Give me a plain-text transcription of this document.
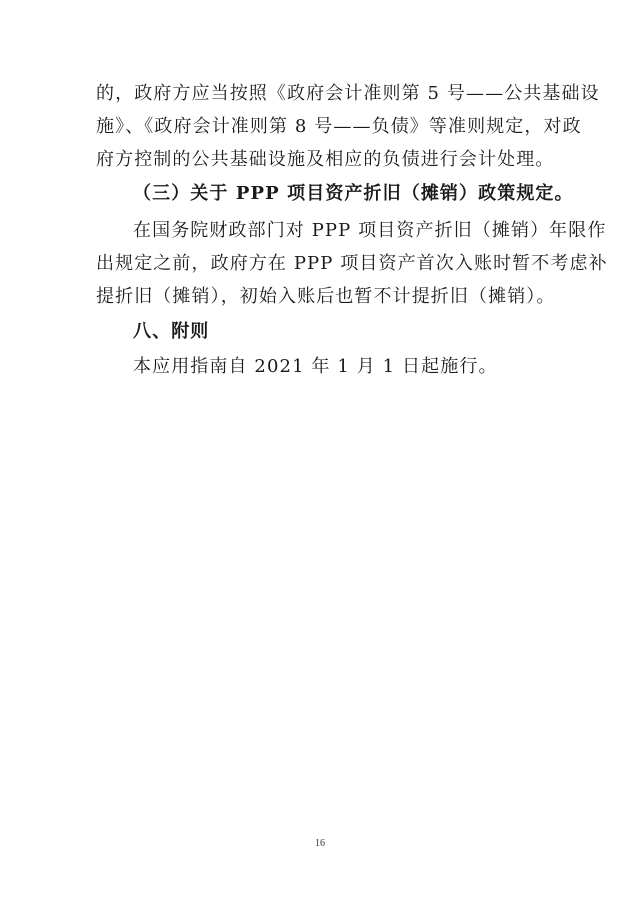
的，政府方应当按照《政府会计准则第 5 号——公共基础设
施》、《政府会计准则第 8 号——负债》等准则规定，对政
府方控制的公共基础设施及相应的负债进行会计处理。
（三）关于 PPP 项目资产折旧（摊销）政策规定。
在国务院财政部门对 PPP 项目资产折旧（摊销）年限作
出规定之前，政府方在 PPP 项目资产首次入账时暂不考虑补
提折旧（摊销），初始入账后也暂不计提折旧（摊销）。
八、附则
本应用指南自 2021 年 1 月 1 日起施行。
16
